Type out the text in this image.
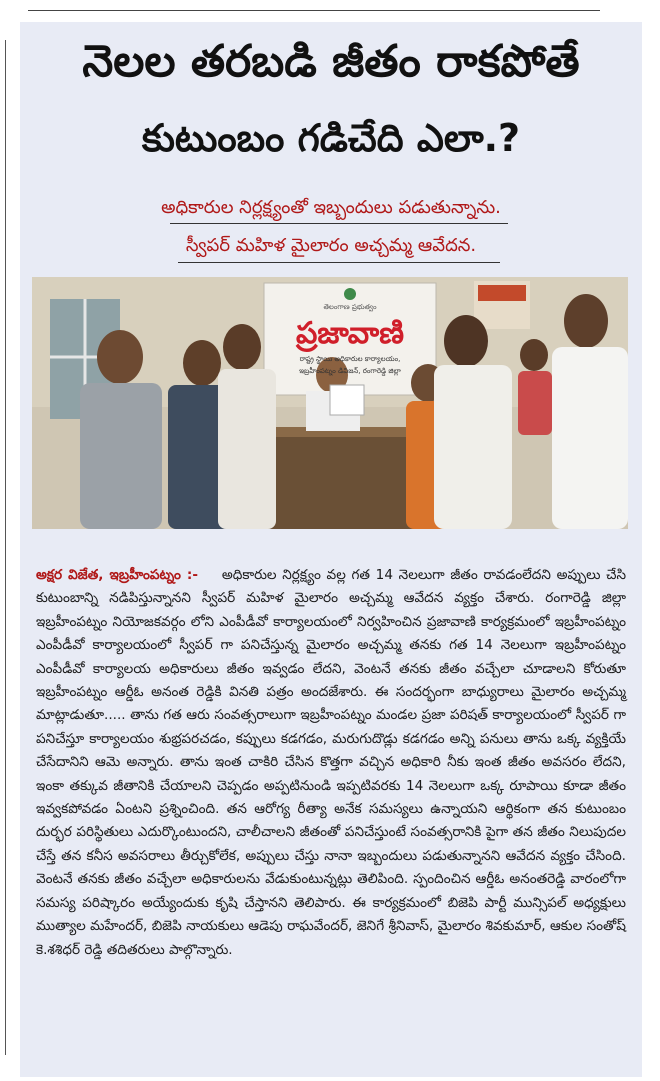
నెలల తరబడి జీతం రాకపోతే
కుటుంబం గడిచేది ఎలా.?
అధికారుల నిర్లక్ష్యంతో ఇబ్బందులు పడుతున్నాను.
స్వీపర్ మహిళ మైలారం అచ్చమ్మ ఆవేదన.
తెలంగాణ ప్రభుత్వం
ప్రజావాణి
రాష్ట్ర స్థాయి అధికారుల కార్యాలయం,
ఇబ్రహీంపట్నం డివిజన్, రంగారెడ్డి జిల్లా
అక్షర విజేత, ఇబ్రహీంపట్నం :-    అధికారుల నిర్లక్ష్యం వల్ల గత 14 నెలలుగా జీతం రావడంలేదని అప్పులు చేసి కుటుంబాన్ని నడిపిస్తున్నానని స్వీపర్ మహిళ మైలారం అచ్చమ్మ ఆవేదన వ్యక్తం చేశారు. రంగారెడ్డి జిల్లా ఇబ్రహీంపట్నం నియోజకవర్గం లోని ఎంపీడీవో కార్యాలయంలో నిర్వహించిన ప్రజావాణి కార్యక్రమంలో ఇబ్రహీంపట్నం ఎంపీడీవో కార్యాలయంలో స్వీపర్ గా పనిచేస్తున్న మైలారం అచ్చమ్మ తనకు గత 14 నెలలుగా ఇబ్రహీంపట్నం ఎంపీడీవో కార్యాలయ అధికారులు జీతం ఇవ్వడం లేదని, వెంటనే తనకు జీతం వచ్చేలా చూడాలని కోరుతూ ఇబ్రహీంపట్నం ఆర్డీఓ అనంత రెడ్డికి వినతి పత్రం అందజేశారు. ఈ సందర్భంగా బాధ్యురాలు మైలారం అచ్చమ్మ మాట్లాడుతూ..... తాను గత ఆరు సంవత్సరాలుగా ఇబ్రహీంపట్నం మండల ప్రజా పరిషత్ కార్యాలయంలో స్వీపర్ గా పనిచేస్తూ కార్యాలయం శుభ్రపరచడం, కప్పులు కడగడం, మరుగుదొడ్లు కడగడం అన్ని పనులు తాను ఒక్క వ్యక్తియే చేసేదానిని ఆమె అన్నారు. తాను ఇంత చాకిరి చేసిన కొత్తగా వచ్చిన అధికారి నీకు ఇంత జీతం అవసరం లేదని, ఇంకా తక్కువ జీతానికి చేయాలని చెప్పడం అప్పటినుండి ఇప్పటివరకు 14 నెలలుగా ఒక్క రూపాయి కూడా జీతం ఇవ్వకపోవడం ఏంటని ప్రశ్నించింది. తన ఆరోగ్య రీత్యా అనేక సమస్యలు ఉన్నాయని ఆర్థికంగా తన కుటుంబం దుర్భర పరిస్థితులు ఎదుర్కొంటుందని, చాలీచాలని జీతంతో పనిచేస్తుంటే సంవత్సరానికి పైగా తన జీతం నిలుపుదల చేస్తే తన కనీస అవసరాలు తీర్చుకోలేక, అప్పులు చేస్తు నానా ఇబ్బందులు పడుతున్నానని ఆవేదన వ్యక్తం చేసింది. వెంటనే తనకు జీతం వచ్చేలా అధికారులను వేడుకుంటున్నట్లు తెలిపింది. స్పందించిన ఆర్డీఓ అనంతరెడ్డి వారంలోగా సమస్య పరిష్కారం అయ్యేందుకు కృషి చేస్తానని తెలిపారు. ఈ కార్యక్రమంలో బిజెపి పార్టీ మున్సిపల్ అధ్యక్షులు ముత్యాల మహేందర్, బిజెపి నాయకులు ఆడెపు రాఘవేందర్, జెనిగే శ్రీనివాస్, మైలారం శివకుమార్, ఆకుల సంతోష్ కె.శశిధర్ రెడ్డి తదితరులు పాల్గొన్నారు.
